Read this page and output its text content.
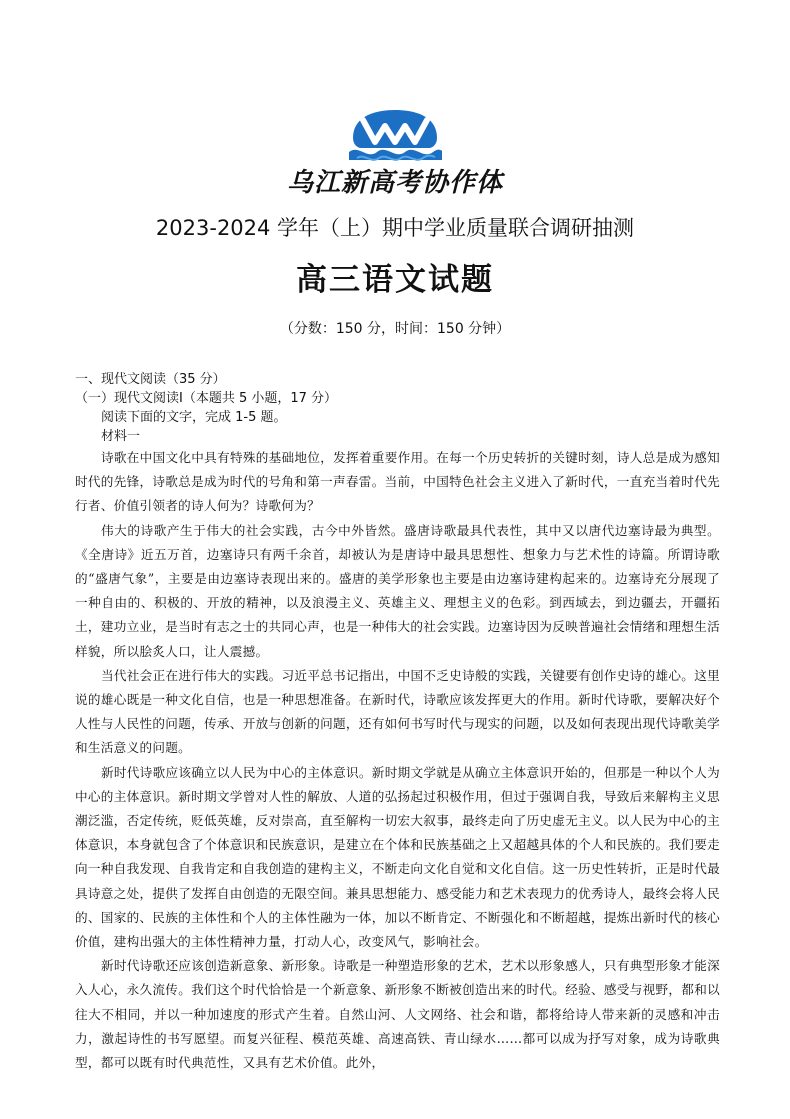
乌江新高考协作体
2023-2024 学年（上）期中学业质量联合调研抽测
高三语文试题
（分数：150 分，时间：150 分钟）

一、现代文阅读（35 分）

（一）现代文阅读Ⅰ（本题共 5 小题，17 分）

阅读下面的文字，完成 1-5 题。

材料一

诗歌在中国文化中具有特殊的基础地位，发挥着重要作用。在每一个历史转折的关键时刻，诗人总是成为感知时代的先锋，诗歌总是成为时代的号角和第一声春雷。当前，中国特色社会主义进入了新时代，一直充当着时代先行者、价值引领者的诗人何为？诗歌何为？

伟大的诗歌产生于伟大的社会实践，古今中外皆然。盛唐诗歌最具代表性，其中又以唐代边塞诗最为典型。《全唐诗》近五万首，边塞诗只有两千余首，却被认为是唐诗中最具思想性、想象力与艺术性的诗篇。所谓诗歌的“盛唐气象”，主要是由边塞诗表现出来的。盛唐的美学形象也主要是由边塞诗建构起来的。边塞诗充分展现了一种自由的、积极的、开放的精神，以及浪漫主义、英雄主义、理想主义的色彩。到西域去，到边疆去，开疆拓土，建功立业，是当时有志之士的共同心声，也是一种伟大的社会实践。边塞诗因为反映普遍社会情绪和理想生活样貌，所以脍炙人口，让人震撼。

当代社会正在进行伟大的实践。习近平总书记指出，中国不乏史诗般的实践，关键要有创作史诗的雄心。这里说的雄心既是一种文化自信，也是一种思想准备。在新时代，诗歌应该发挥更大的作用。新时代诗歌，要解决好个人性与人民性的问题，传承、开放与创新的问题，还有如何书写时代与现实的问题，以及如何表现出现代诗歌美学和生活意义的问题。

新时代诗歌应该确立以人民为中心的主体意识。新时期文学就是从确立主体意识开始的，但那是一种以个人为中心的主体意识。新时期文学曾对人性的解放、人道的弘扬起过积极作用，但过于强调自我，导致后来解构主义思潮泛滥，否定传统，贬低英雄，反对崇高，直至解构一切宏大叙事，最终走向了历史虚无主义。以人民为中心的主体意识，本身就包含了个体意识和民族意识，是建立在个体和民族基础之上又超越具体的个人和民族的。我们要走向一种自我发现、自我肯定和自我创造的建构主义，不断走向文化自觉和文化自信。这一历史性转折，正是时代最具诗意之处，提供了发挥自由创造的无限空间。兼具思想能力、感受能力和艺术表现力的优秀诗人，最终会将人民的、国家的、民族的主体性和个人的主体性融为一体，加以不断肯定、不断强化和不断超越，提炼出新时代的核心价值，建构出强大的主体性精神力量，打动人心，改变风气，影响社会。

新时代诗歌还应该创造新意象、新形象。诗歌是一种塑造形象的艺术，艺术以形象感人，只有典型形象才能深入人心，永久流传。我们这个时代恰恰是一个新意象、新形象不断被创造出来的时代。经验、感受与视野，都和以往大不相同，并以一种加速度的形式产生着。自然山河、人文网络、社会和谐，都将给诗人带来新的灵感和冲击力，激起诗性的书写愿望。而复兴征程、模范英雄、高速高铁、青山绿水……都可以成为抒写对象，成为诗歌典型，都可以既有时代典范性，又具有艺术价值。此外，
